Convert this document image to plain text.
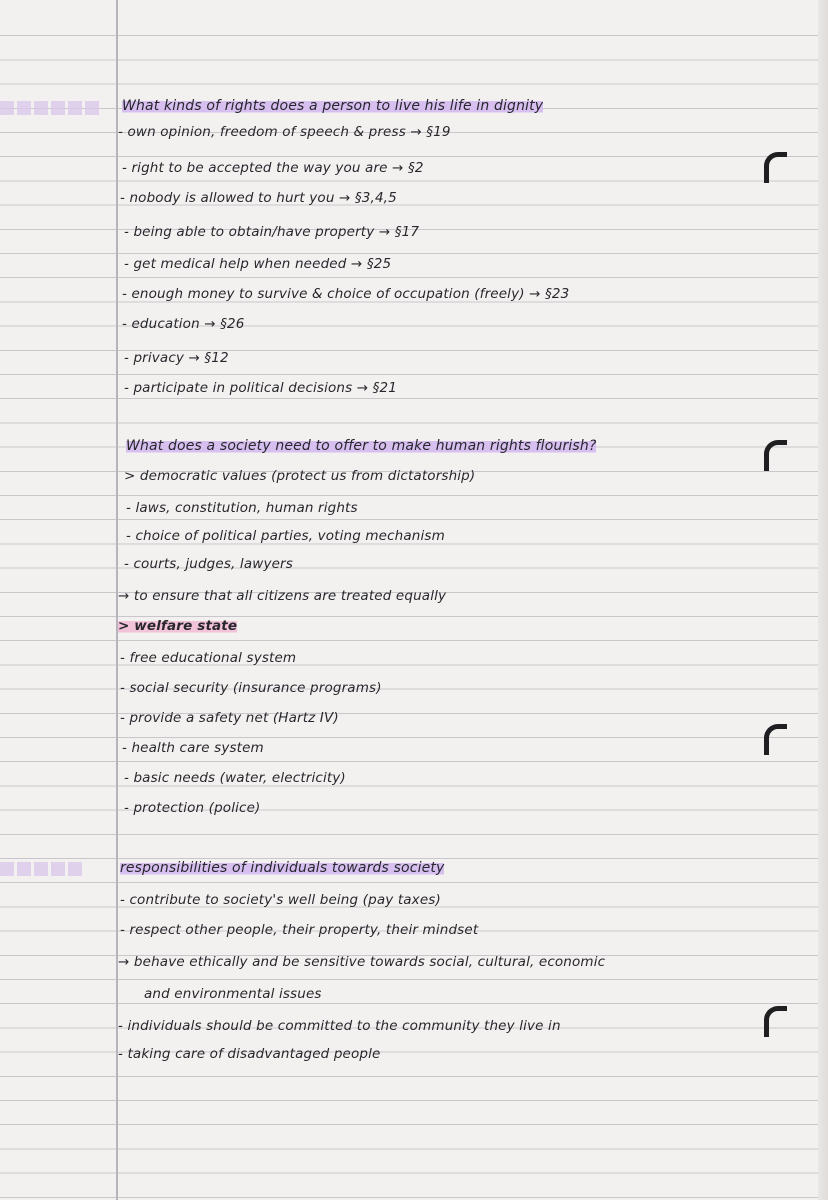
What kinds of rights does a person to live his life in dignity
- own opinion, freedom of speech & press → §19
- right to be accepted the way you are → §2
- nobody is allowed to hurt you → §3,4,5
- being able to obtain/have property → §17
- get medical help when needed → §25
- enough money to survive & choice of occupation (freely) → §23
- education → §26
- privacy → §12
- participate in political decisions → §21
What does a society need to offer to make human rights flourish?
> democratic values (protect us from dictatorship)
- laws, constitution, human rights
- choice of political parties, voting mechanism
- courts, judges, lawyers
→ to ensure that all citizens are treated equally
> welfare state
- free educational system
- social security (insurance programs)
- provide a safety net (Hartz IV)
- health care system
- basic needs (water, electricity)
- protection (police)
responsibilities of individuals towards society
- contribute to society's well being (pay taxes)
- respect other people, their property, their mindset
→ behave ethically and be sensitive towards social, cultural, economic
and environmental issues
- individuals should be committed to the community they live in
- taking care of disadvantaged people
